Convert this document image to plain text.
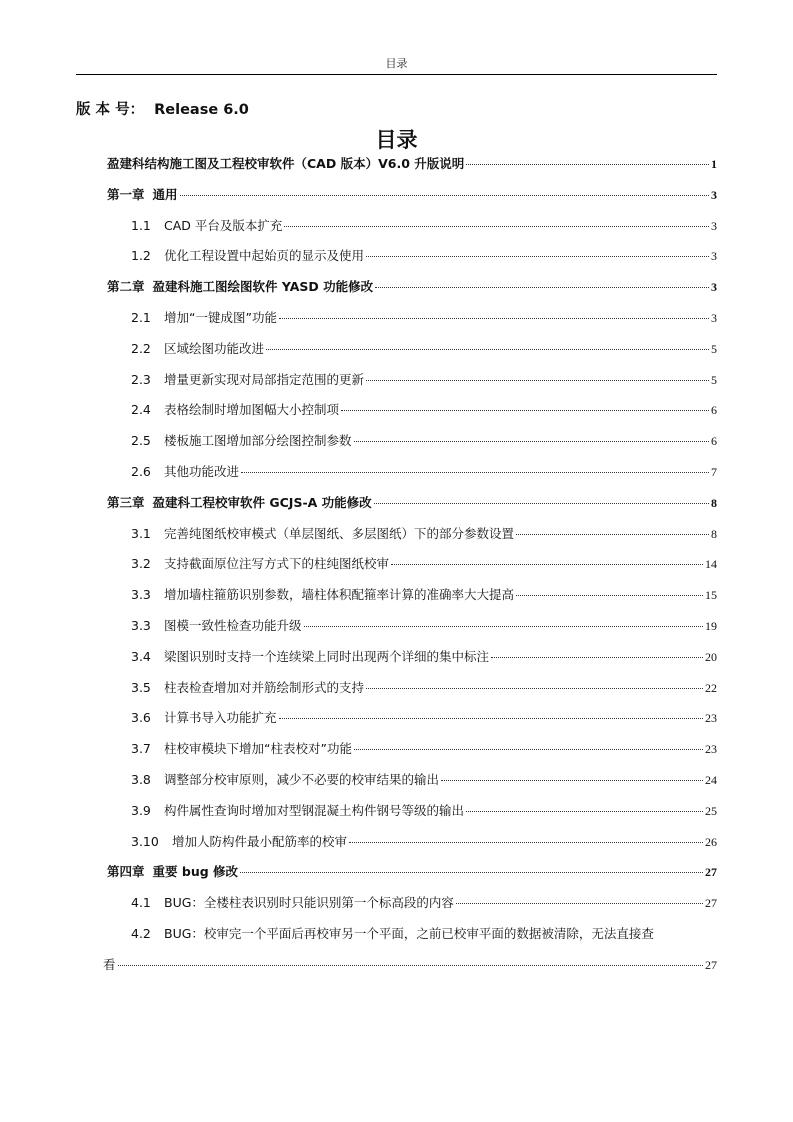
目录
版 本 号： Release 6.0
目录
盈建科结构施工图及工程校审软件（CAD 版本）V6.0 升版说明	1
第一章 通用	3
1.1	CAD 平台及版本扩充	3
1.2	优化工程设置中起始页的显示及使用	3
第二章 盈建科施工图绘图软件 YASD 功能修改	3
2.1	增加“一键成图”功能	3
2.2	区域绘图功能改进	5
2.3	增量更新实现对局部指定范围的更新	5
2.4	表格绘制时增加图幅大小控制项	6
2.5	楼板施工图增加部分绘图控制参数	6
2.6	其他功能改进	7
第三章 盈建科工程校审软件 GCJS-A 功能修改	8
3.1	完善纯图纸校审模式（单层图纸、多层图纸）下的部分参数设置	8
3.2	支持截面原位注写方式下的柱纯图纸校审	14
3.3	增加墙柱箍筋识别参数，墙柱体积配箍率计算的准确率大大提高	15
3.3	图模一致性检查功能升级	19
3.4	梁图识别时支持一个连续梁上同时出现两个详细的集中标注	20
3.5	柱表检查增加对并筋绘制形式的支持	22
3.6	计算书导入功能扩充	23
3.7	柱校审模块下增加“柱表校对”功能	23
3.8	调整部分校审原则，减少不必要的校审结果的输出	24
3.9	构件属性查询时增加对型钢混凝土构件钢号等级的输出	25
3.10	增加人防构件最小配筋率的校审	26
第四章 重要 bug 修改	27
4.1	BUG：全楼柱表识别时只能识别第一个标高段的内容	27
4.2	BUG：校审完一个平面后再校审另一个平面，之前已校审平面的数据被清除，无法直接查
看	27
